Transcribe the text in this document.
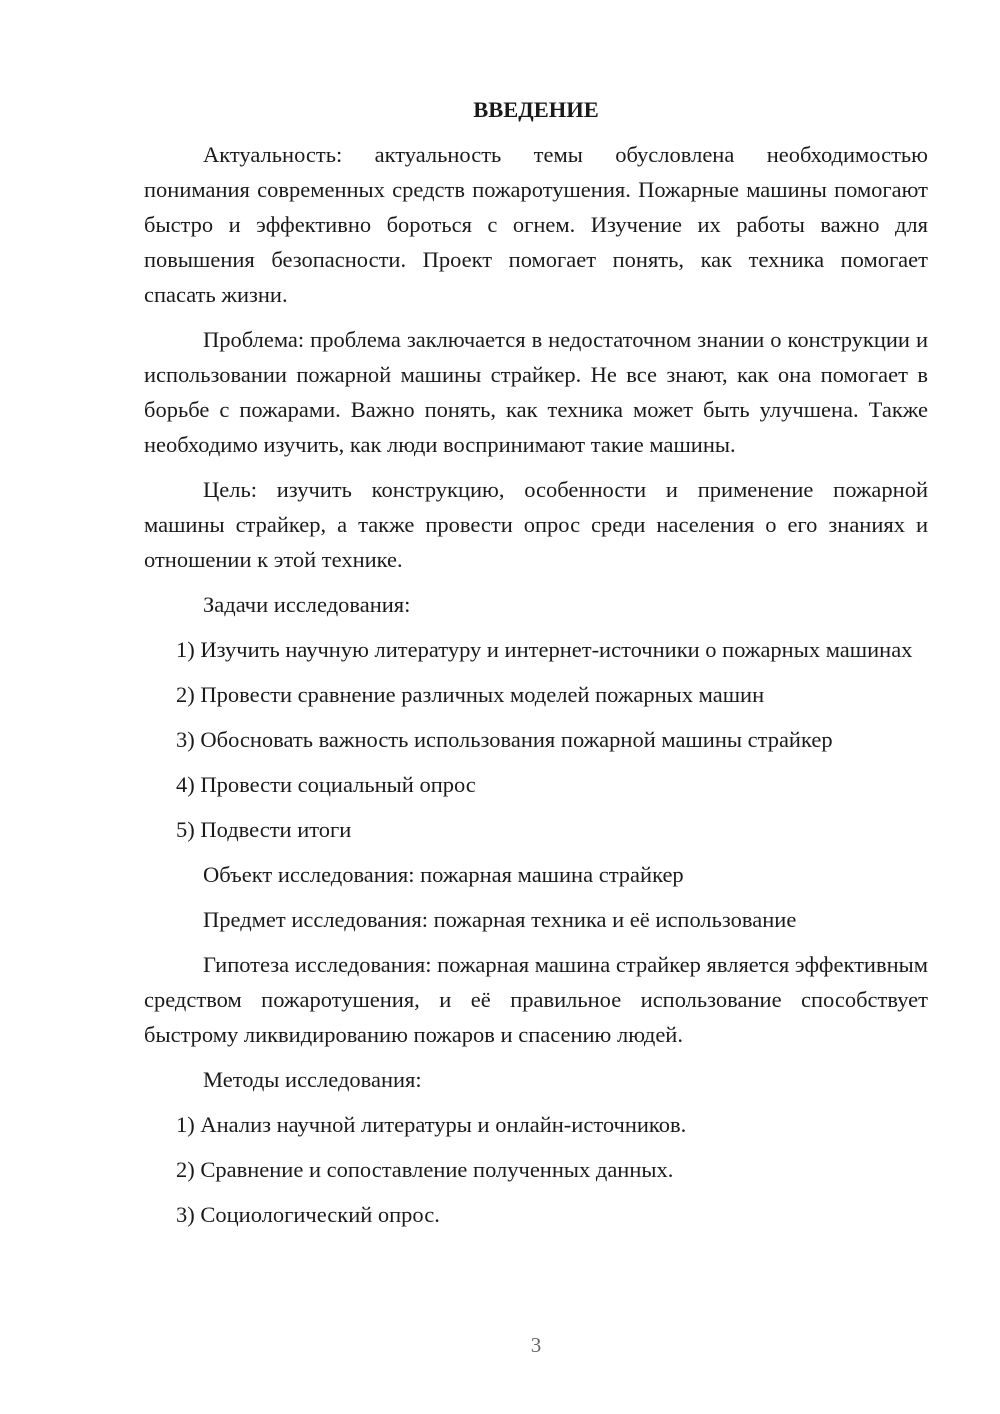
ВВЕДЕНИЕ

Актуальность: актуальность темы обусловлена необходимостью понимания современных средств пожаротушения. Пожарные машины помогают быстро и эффективно бороться с огнем. Изучение их работы важно для повышения безопасности. Проект помогает понять, как техника помогает спасать жизни.

Проблема: проблема заключается в недостаточном знании о конструкции и использовании пожарной машины страйкер. Не все знают, как она помогает в борьбе с пожарами. Важно понять, как техника может быть улучшена. Также необходимо изучить, как люди воспринимают такие машины.

Цель: изучить конструкцию, особенности и применение пожарной машины страйкер, а также провести опрос среди населения о его знаниях и отношении к этой технике.

Задачи исследования:

1) Изучить научную литературу и интернет-источники о пожарных машинах

2) Провести сравнение различных моделей пожарных машин

3) Обосновать важность использования пожарной машины страйкер

4) Провести социальный опрос

5) Подвести итоги

Объект исследования: пожарная машина страйкер

Предмет исследования: пожарная техника и её использование

Гипотеза исследования: пожарная машина страйкер является эффективным средством пожаротушения, и её правильное использование способствует быстрому ликвидированию пожаров и спасению людей.

Методы исследования:

1) Анализ научной литературы и онлайн-источников.

2) Сравнение и сопоставление полученных данных.

3) Социологический опрос.

3
